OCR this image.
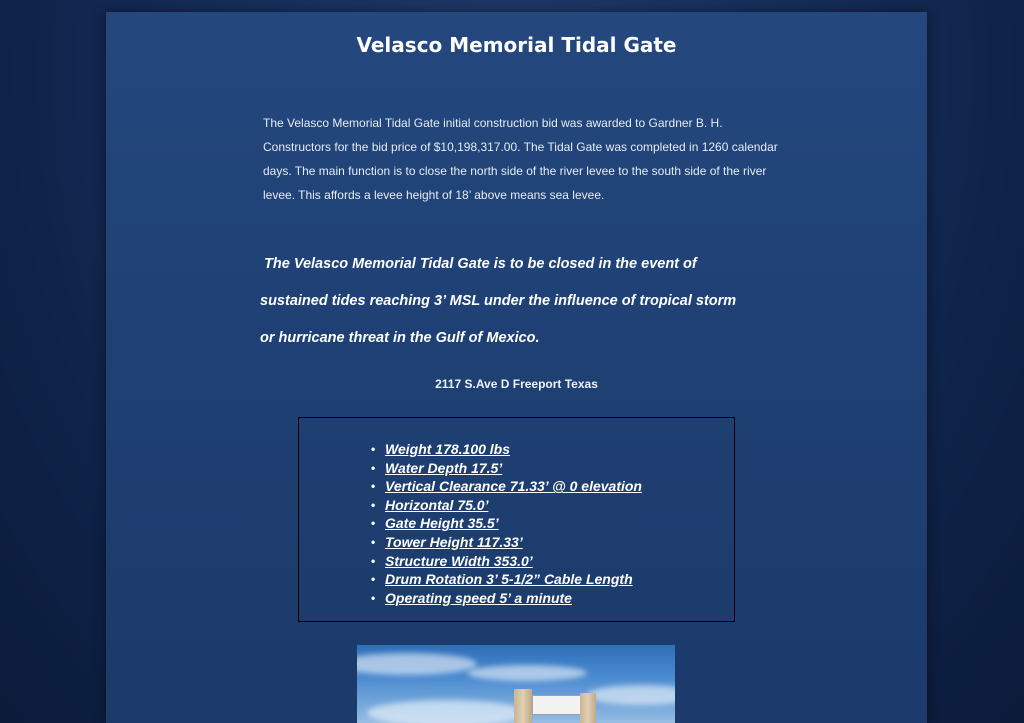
Velasco Memorial Tidal Gate

The Velasco Memorial Tidal Gate initial construction bid was awarded to Gardner B. H. Constructors for the bid price of $10,198,317.00. The Tidal Gate was completed in 1260 calendar days. The main function is to close the north side of the river levee to the south side of the river levee. This affords a levee height of 18’ above means sea levee.

The Velasco Memorial Tidal Gate is to be closed in the event of
sustained tides reaching 3’ MSL under the influence of tropical storm
or hurricane threat in the Gulf of Mexico.
2117 S.Ave D Freeport Texas
• Weight 178.100 lbs
• Water Depth 17.5’
• Vertical Clearance 71.33’ @ 0 elevation
• Horizontal 75.0’
• Gate Height 35.5’
• Tower Height 117.33’
• Structure Width 353.0’
• Drum Rotation 3’ 5-1/2” Cable Length
• Operating speed 5’ a minute
